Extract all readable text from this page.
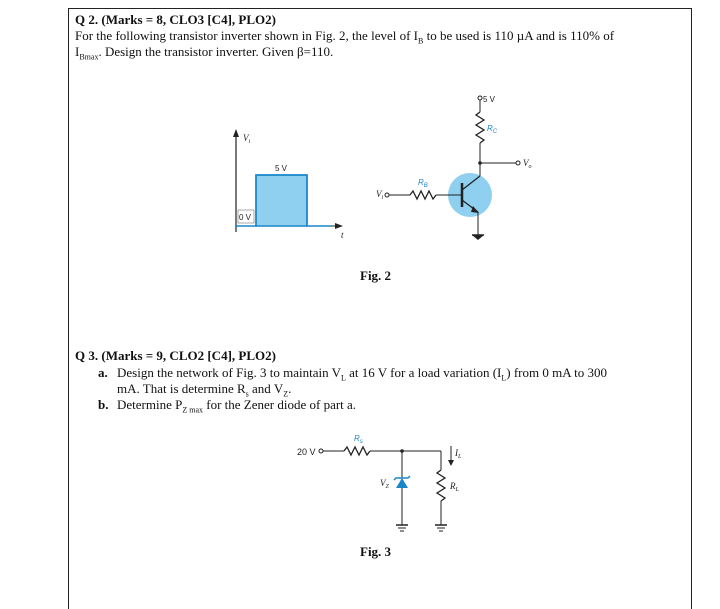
Q 2. (Marks = 8, CLO3 [C4], PLO2)
For the following transistor inverter shown in Fig. 2, the level of $I_B$ to be used is 110 µA and is 110% of
$I_{Bmax}$. Design the transistor inverter. Given β=110.
$V_i$
t
5 V
0 V
5 V
$R_C$
$V_o$
$V_i$
$R_B$
Fig. 2
Q 3. (Marks = 9, CLO2 [C4], PLO2)
a. Design the network of Fig. 3 to maintain $V_L$ at 16 V for a load variation $(I_L)$ from 0 mA to 300
mA. That is determine $R_s$ and $V_Z$.
b. Determine $P_{Z max}$ for the Zener diode of part a.
20 V
$R_s$
$V_Z$
$I_L$
$R_L$
Fig. 3
